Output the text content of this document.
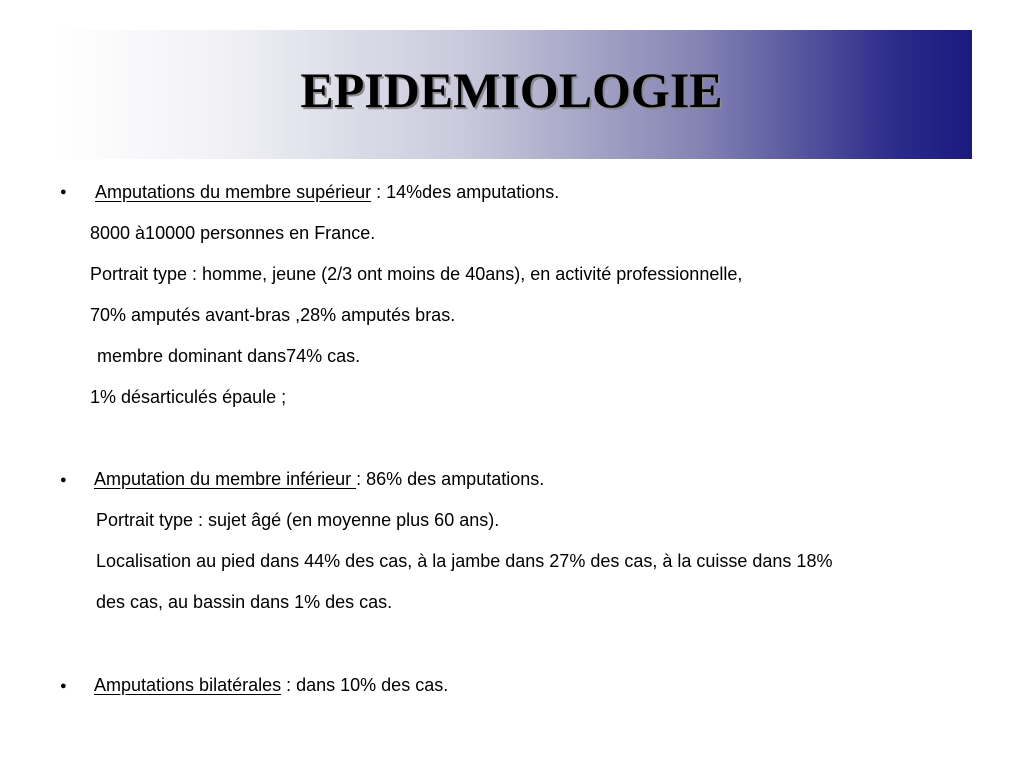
EPIDEMIOLOGIE
● Amputations du membre supérieur : 14%des amputations.
8000 à10000 personnes en France.
Portrait type : homme, jeune (2/3 ont moins de 40ans), en activité professionnelle,
70% amputés avant-bras ,28% amputés bras.
membre dominant dans74% cas.
1% désarticulés épaule ;
● Amputation du membre inférieur : 86% des amputations.
Portrait type : sujet âgé (en moyenne plus 60 ans).
Localisation au pied dans 44% des cas, à la jambe dans 27% des cas, à la cuisse dans 18%
des cas, au bassin dans 1% des cas.
● Amputations bilatérales : dans 10% des cas.
